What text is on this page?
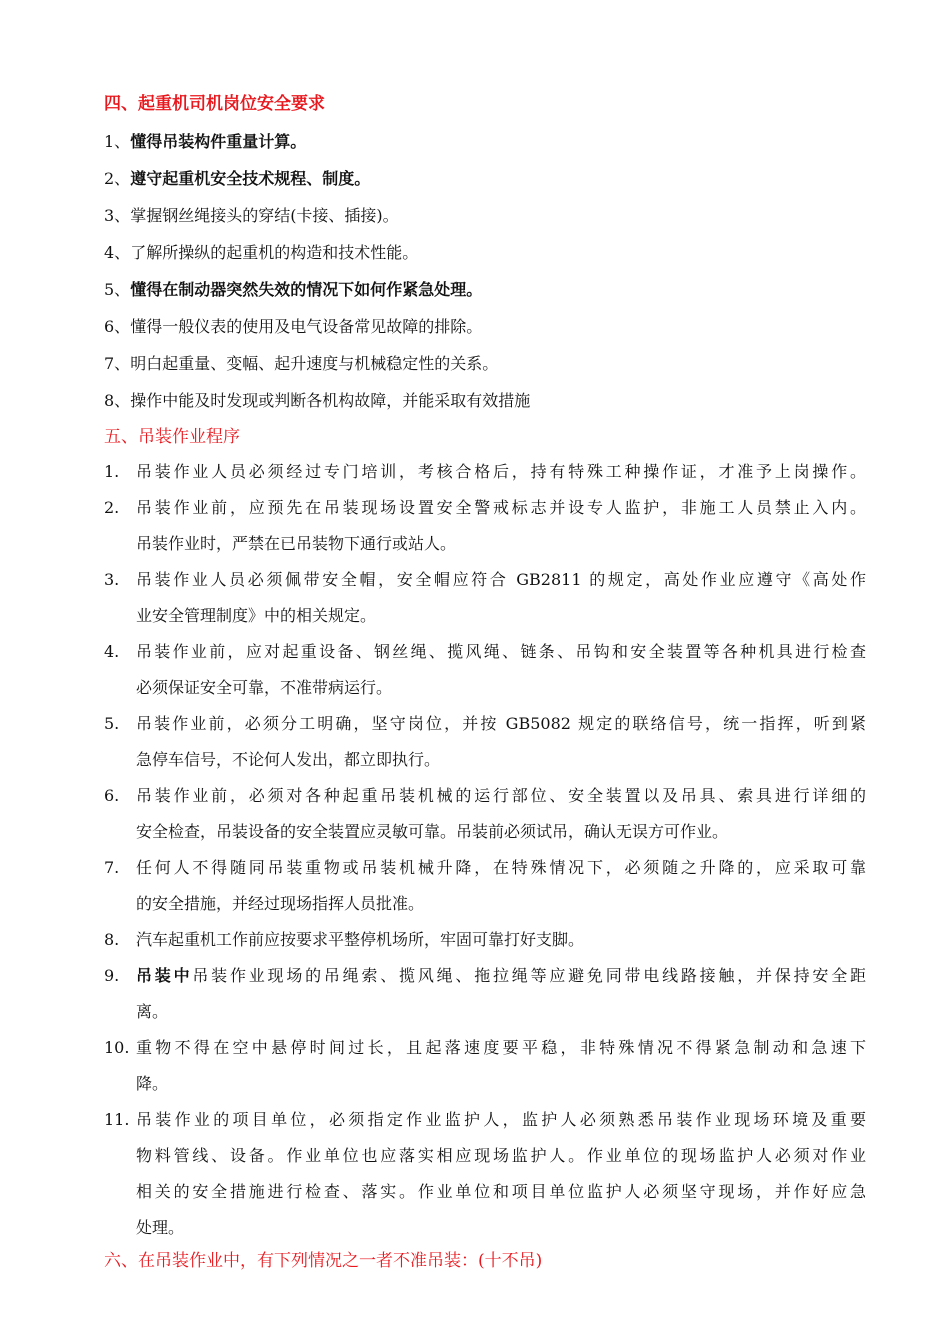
四、起重机司机岗位安全要求
1、懂得吊装构件重量计算。
2、遵守起重机安全技术规程、制度。
3、掌握钢丝绳接头的穿结(卡接、插接)。
4、了解所操纵的起重机的构造和技术性能。
5、懂得在制动器突然失效的情况下如何作紧急处理。
6、懂得一般仪表的使用及电气设备常见故障的排除。
7、明白起重量、变幅、起升速度与机械稳定性的关系。
8、操作中能及时发现或判断各机构故障，并能采取有效措施
五、吊装作业程序
1. 吊装作业人员必须经过专门培训，考核合格后，持有特殊工种操作证，才准予上岗操作。
2. 吊装作业前，应预先在吊装现场设置安全警戒标志并设专人监护，非施工人员禁止入内。
吊装作业时，严禁在已吊装物下通行或站人。
3. 吊装作业人员必须佩带安全帽，安全帽应符合 GB2811 的规定，高处作业应遵守《高处作
业安全管理制度》中的相关规定。
4. 吊装作业前，应对起重设备、钢丝绳、揽风绳、链条、吊钩和安全装置等各种机具进行检查
必须保证安全可靠，不准带病运行。
5. 吊装作业前，必须分工明确，坚守岗位，并按 GB5082 规定的联络信号，统一指挥，听到紧
急停车信号，不论何人发出，都立即执行。
6. 吊装作业前，必须对各种起重吊装机械的运行部位、安全装置以及吊具、索具进行详细的
安全检查，吊装设备的安全装置应灵敏可靠。吊装前必须试吊，确认无误方可作业。
7. 任何人不得随同吊装重物或吊装机械升降，在特殊情况下，必须随之升降的，应采取可靠
的安全措施，并经过现场指挥人员批准。
8. 汽车起重机工作前应按要求平整停机场所，牢固可靠打好支脚。
9. 吊装中吊装作业现场的吊绳索、揽风绳、拖拉绳等应避免同带电线路接触，并保持安全距
离。
10. 重物不得在空中悬停时间过长，且起落速度要平稳，非特殊情况不得紧急制动和急速下
降。
11. 吊装作业的项目单位，必须指定作业监护人，监护人必须熟悉吊装作业现场环境及重要
物料管线、设备。作业单位也应落实相应现场监护人。作业单位的现场监护人必须对作业
相关的安全措施进行检查、落实。作业单位和项目单位监护人必须坚守现场，并作好应急
处理。
六、在吊装作业中，有下列情况之一者不准吊装：(十不吊)
